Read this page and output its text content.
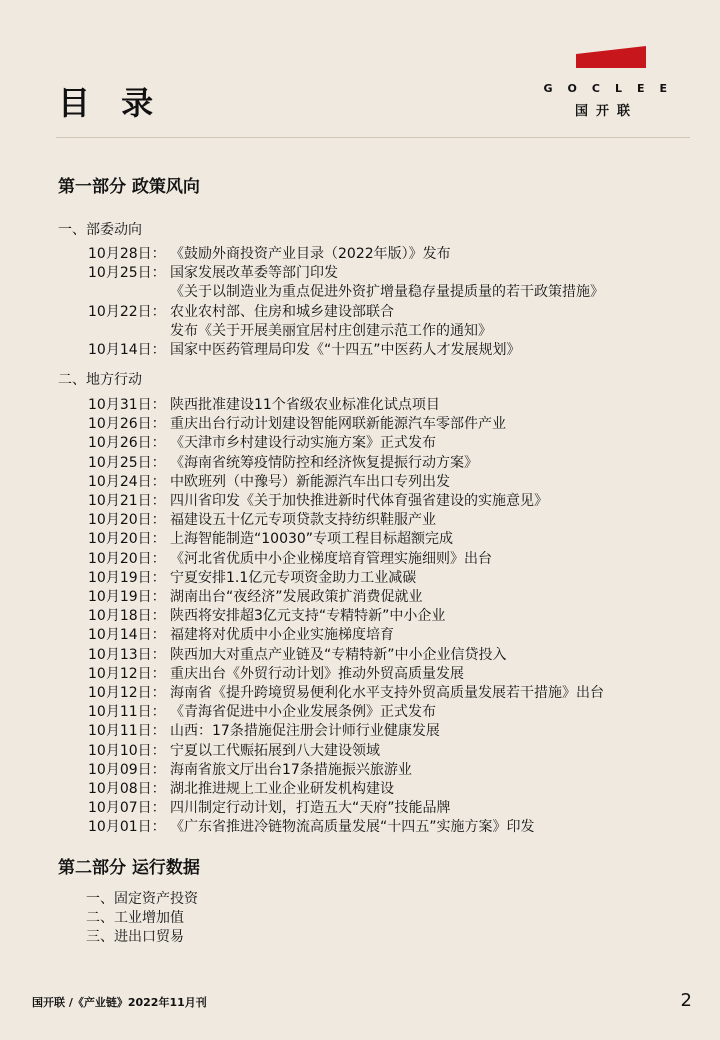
目 录	GOCLEE
国开联
第一部分 政策风向
一、部委动向
10月28日： 《鼓励外商投资产业目录（2022年版）》发布
10月25日： 国家发展改革委等部门印发
《关于以制造业为重点促进外资扩增量稳存量提质量的若干政策措施》
10月22日： 农业农村部、住房和城乡建设部联合
发布《关于开展美丽宜居村庄创建示范工作的通知》
10月14日： 国家中医药管理局印发《“十四五”中医药人才发展规划》
二、地方行动
10月31日： 陕西批准建设11个省级农业标准化试点项目
10月26日： 重庆出台行动计划建设智能网联新能源汽车零部件产业
10月26日： 《天津市乡村建设行动实施方案》正式发布
10月25日： 《海南省统筹疫情防控和经济恢复提振行动方案》
10月24日： 中欧班列（中豫号）新能源汽车出口专列出发
10月21日： 四川省印发《关于加快推进新时代体育强省建设的实施意见》
10月20日： 福建设五十亿元专项贷款支持纺织鞋服产业
10月20日： 上海智能制造“10030”专项工程目标超额完成
10月20日： 《河北省优质中小企业梯度培育管理实施细则》出台
10月19日： 宁夏安排1.1亿元专项资金助力工业减碳
10月19日： 湖南出台“夜经济”发展政策扩消费促就业
10月18日： 陕西将安排超3亿元支持“专精特新”中小企业
10月14日： 福建将对优质中小企业实施梯度培育
10月13日： 陕西加大对重点产业链及“专精特新”中小企业信贷投入
10月12日： 重庆出台《外贸行动计划》推动外贸高质量发展
10月12日： 海南省《提升跨境贸易便利化水平支持外贸高质量发展若干措施》出台
10月11日： 《青海省促进中小企业发展条例》正式发布
10月11日： 山西：17条措施促注册会计师行业健康发展
10月10日： 宁夏以工代赈拓展到八大建设领域
10月09日： 海南省旅文厅出台17条措施振兴旅游业
10月08日： 湖北推进规上工业企业研发机构建设
10月07日： 四川制定行动计划，打造五大“天府”技能品牌
10月01日： 《广东省推进冷链物流高质量发展“十四五”实施方案》印发
第二部分 运行数据
一、固定资产投资
二、工业增加值
三、进出口贸易
国开联 /《产业链》2022年11月刊	2
